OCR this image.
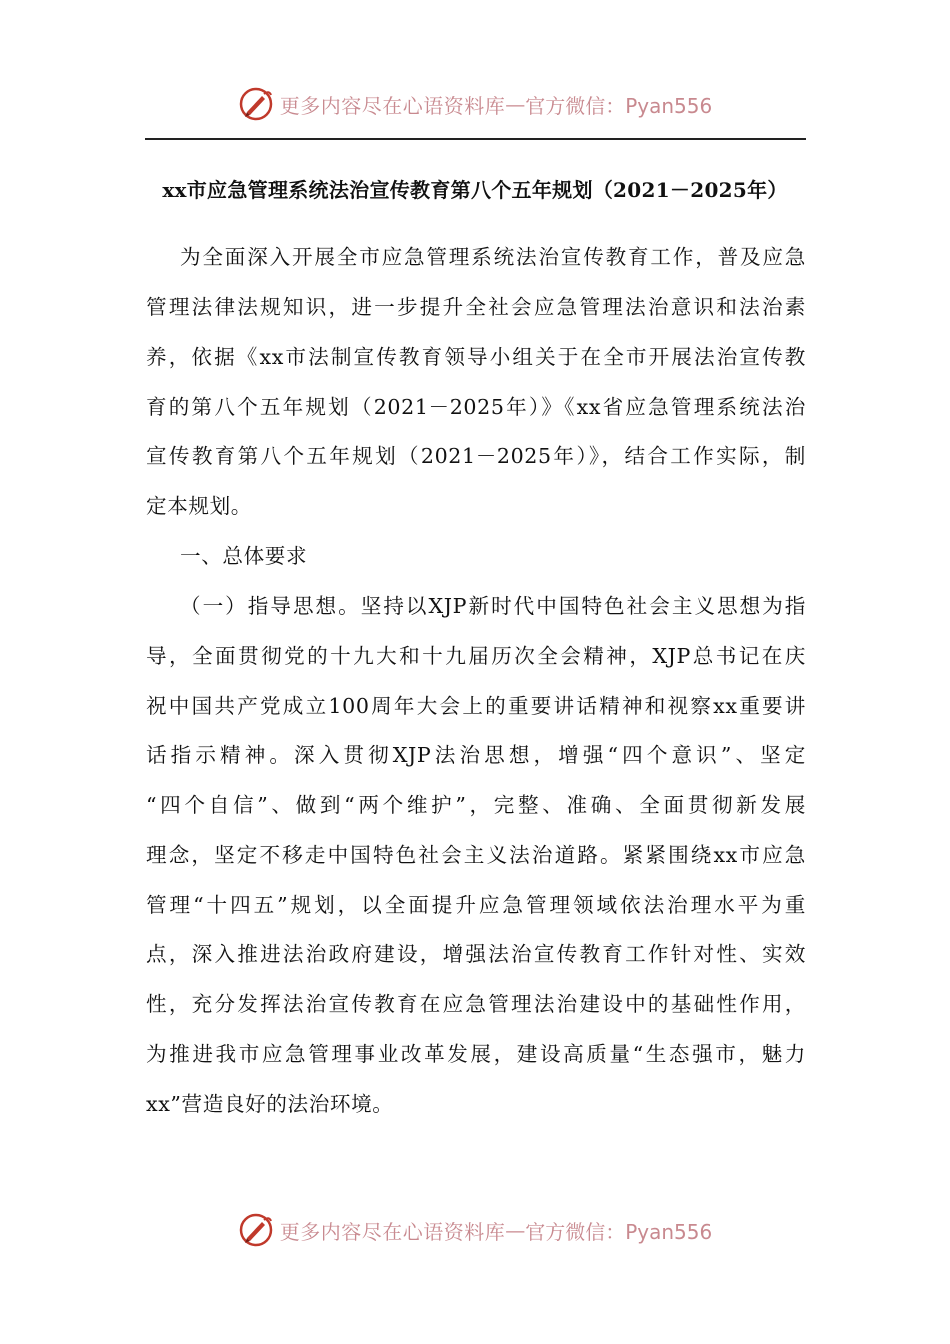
更多内容尽在心语资料库 — 官方微信：Pyan556
xx市应急管理系统法治宣传教育第八个五年规划（2021－2025年）
为全面深入开展全市应急管理系统法治宣传教育工作，普及应急
管理法律法规知识，进一步提升全社会应急管理法治意识和法治素
养，依据《xx市法制宣传教育领导小组关于在全市开展法治宣传教
育的第八个五年规划（2021－2025年）》《xx省应急管理系统法治
宣传教育第八个五年规划（2021－2025年）》，结合工作实际，制
定本规划。
一、总体要求
（一）指导思想。坚持以XJP新时代中国特色社会主义思想为指
导，全面贯彻党的十九大和十九届历次全会精神，XJP总书记在庆
祝中国共产党成立100周年大会上的重要讲话精神和视察xx重要讲
话指示精神。深入贯彻XJP法治思想，增强“四个意识”、坚定
“四个自信”、做到“两个维护”，完整、准确、全面贯彻新发展
理念，坚定不移走中国特色社会主义法治道路。紧紧围绕xx市应急
管理“十四五”规划，以全面提升应急管理领域依法治理水平为重
点，深入推进法治政府建设，增强法治宣传教育工作针对性、实效
性，充分发挥法治宣传教育在应急管理法治建设中的基础性作用，
为推进我市应急管理事业改革发展，建设高质量“生态强市，魅力
xx”营造良好的法治环境。
更多内容尽在心语资料库 — 官方微信：Pyan556
